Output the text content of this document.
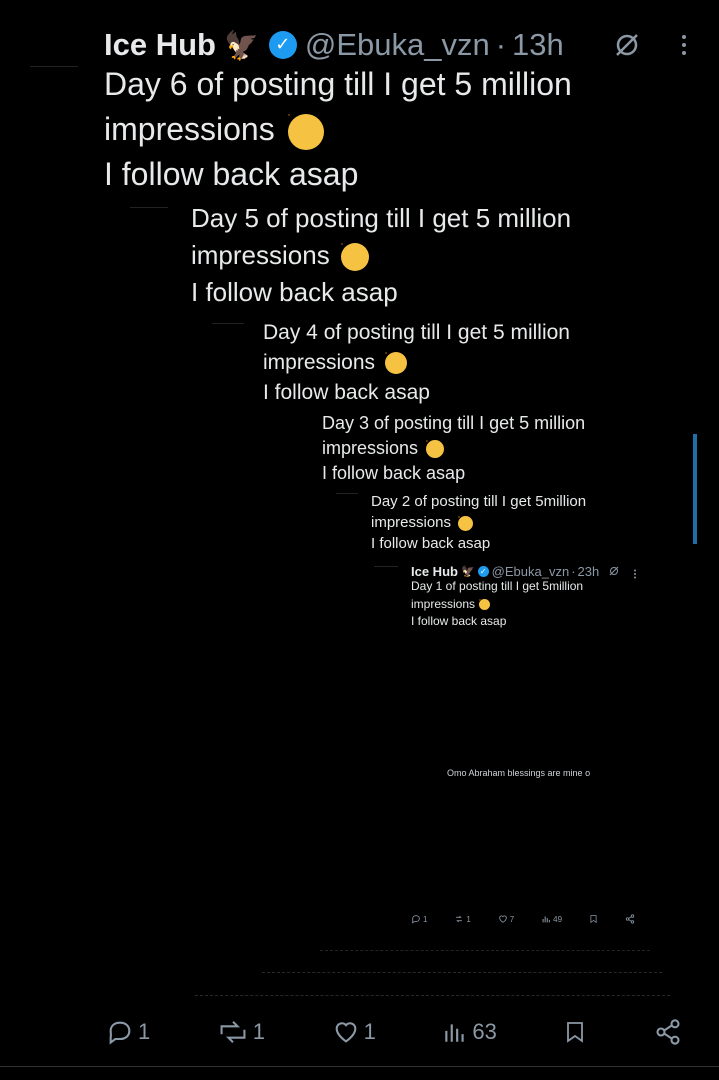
Ice Hub 🦅 ✓ @Ebuka_vzn · 13h
Day 6 of posting till I get 5 million
impressions
I follow back asap
Day 5 of posting till I get 5 million
impressions
I follow back asap
Day 4 of posting till I get 5 million
impressions
I follow back asap
Day 3 of posting till I get 5 million
impressions
I follow back asap
Day 2 of posting till I get 5million
impressions
I follow back asap
Ice Hub 🦅 ✓ @Ebuka_vzn · 23h
Day 1 of posting till I get 5million
impressions
I follow back asap
Omo Abraham blessings are mine o
1	1	7	49
1	1	1	63
